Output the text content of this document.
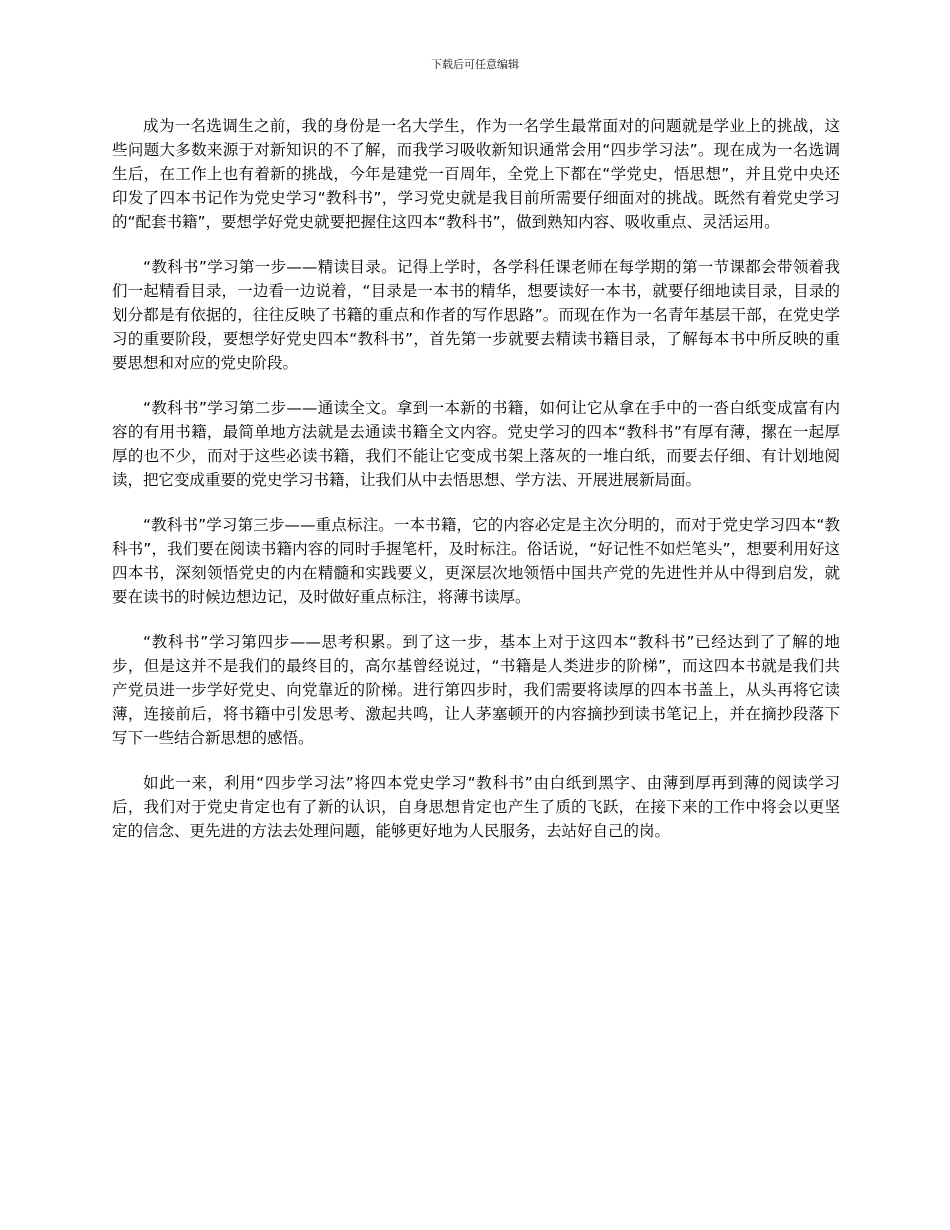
下载后可任意编辑

成为一名选调生之前，我的身份是一名大学生，作为一名学生最常面对的问题就是学业上的挑战，这些问题大多数来源于对新知识的不了解，而我学习吸收新知识通常会用“四步学习法”。现在成为一名选调生后，在工作上也有着新的挑战，今年是建党一百周年，全党上下都在“学党史，悟思想”，并且党中央还印发了四本书记作为党史学习“教科书”，学习党史就是我目前所需要仔细面对的挑战。既然有着党史学习的“配套书籍”，要想学好党史就要把握住这四本“教科书”，做到熟知内容、吸收重点、灵活运用。

“教科书”学习第一步——精读目录。记得上学时，各学科任课老师在每学期的第一节课都会带领着我们一起精看目录，一边看一边说着，“目录是一本书的精华，想要读好一本书，就要仔细地读目录，目录的划分都是有依据的，往往反映了书籍的重点和作者的写作思路”。而现在作为一名青年基层干部，在党史学习的重要阶段，要想学好党史四本“教科书”，首先第一步就要去精读书籍目录，了解每本书中所反映的重要思想和对应的党史阶段。

“教科书”学习第二步——通读全文。拿到一本新的书籍，如何让它从拿在手中的一沓白纸变成富有内容的有用书籍，最简单地方法就是去通读书籍全文内容。党史学习的四本“教科书”有厚有薄，摞在一起厚厚的也不少，而对于这些必读书籍，我们不能让它变成书架上落灰的一堆白纸，而要去仔细、有计划地阅读，把它变成重要的党史学习书籍，让我们从中去悟思想、学方法、开展进展新局面。

“教科书”学习第三步——重点标注。一本书籍，它的内容必定是主次分明的，而对于党史学习四本“教科书”，我们要在阅读书籍内容的同时手握笔杆，及时标注。俗话说，“好记性不如烂笔头”，想要利用好这四本书，深刻领悟党史的内在精髓和实践要义，更深层次地领悟中国共产党的先进性并从中得到启发，就要在读书的时候边想边记，及时做好重点标注，将薄书读厚。

“教科书”学习第四步——思考积累。到了这一步，基本上对于这四本“教科书”已经达到了了解的地步，但是这并不是我们的最终目的，高尔基曾经说过，“书籍是人类进步的阶梯”，而这四本书就是我们共产党员进一步学好党史、向党靠近的阶梯。进行第四步时，我们需要将读厚的四本书盖上，从头再将它读薄，连接前后，将书籍中引发思考、激起共鸣，让人茅塞顿开的内容摘抄到读书笔记上，并在摘抄段落下写下一些结合新思想的感悟。

如此一来，利用“四步学习法”将四本党史学习“教科书”由白纸到黑字、由薄到厚再到薄的阅读学习后，我们对于党史肯定也有了新的认识，自身思想肯定也产生了质的飞跃，在接下来的工作中将会以更坚定的信念、更先进的方法去处理问题，能够更好地为人民服务，去站好自己的岗。
